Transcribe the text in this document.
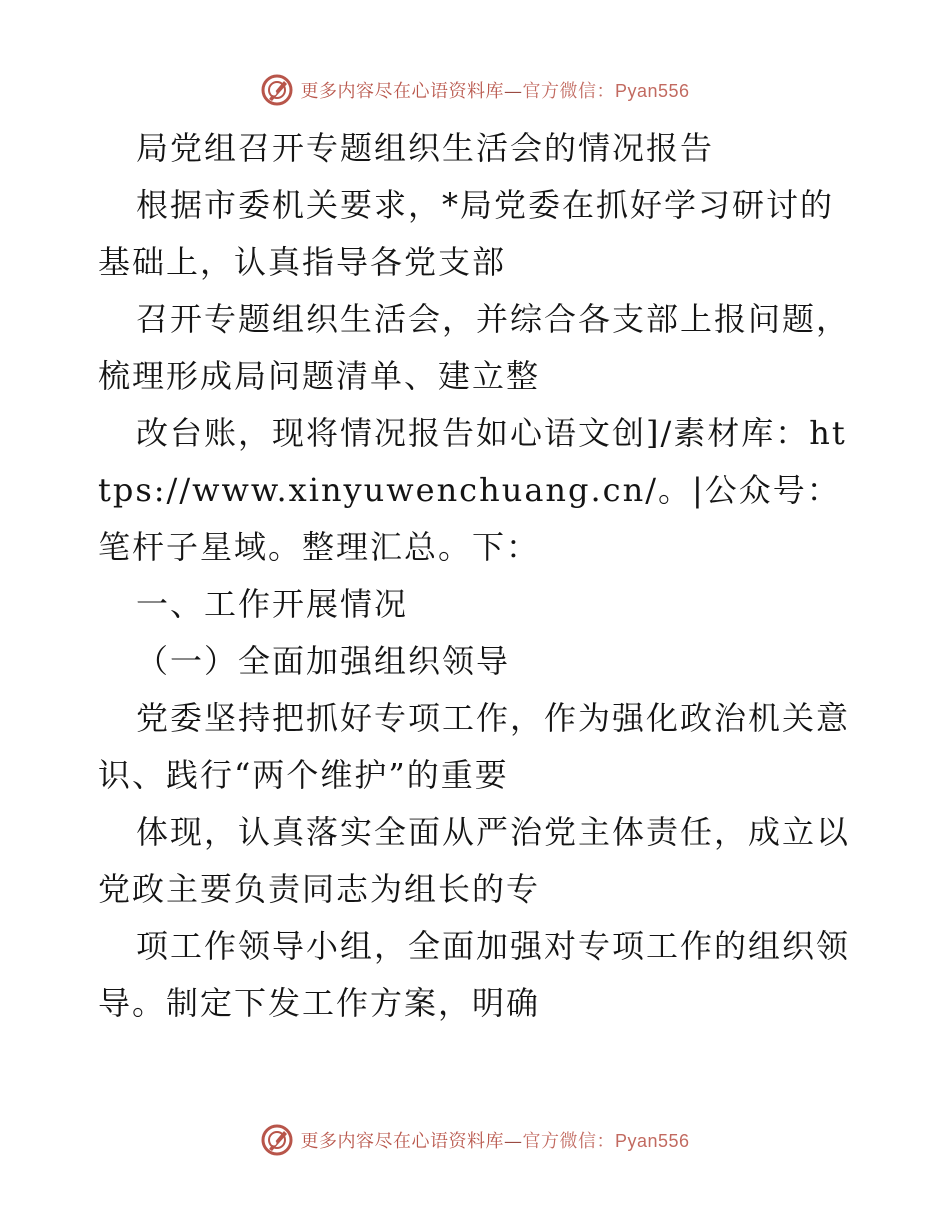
更多内容尽在心语资料库—官方微信：Pyan556

局党组召开专题组织生活会的情况报告

根据市委机关要求，*局党委在抓好学习研讨的基础上，认真指导各党支部

召开专题组织生活会，并综合各支部上报问题，梳理形成局问题清单、建立整

改台账，现将情况报告如心语文创]/素材库：https://www.xinyuwenchuang.cn/。|公众号：笔杆子星域。整理汇总。下：

一、工作开展情况

（一）全面加强组织领导

党委坚持把抓好专项工作，作为强化政治机关意识、践行“两个维护”的重要

体现，认真落实全面从严治党主体责任，成立以党政主要负责同志为组长的专

项工作领导小组，全面加强对专项工作的组织领导。制定下发工作方案，明确

更多内容尽在心语资料库—官方微信：Pyan556
